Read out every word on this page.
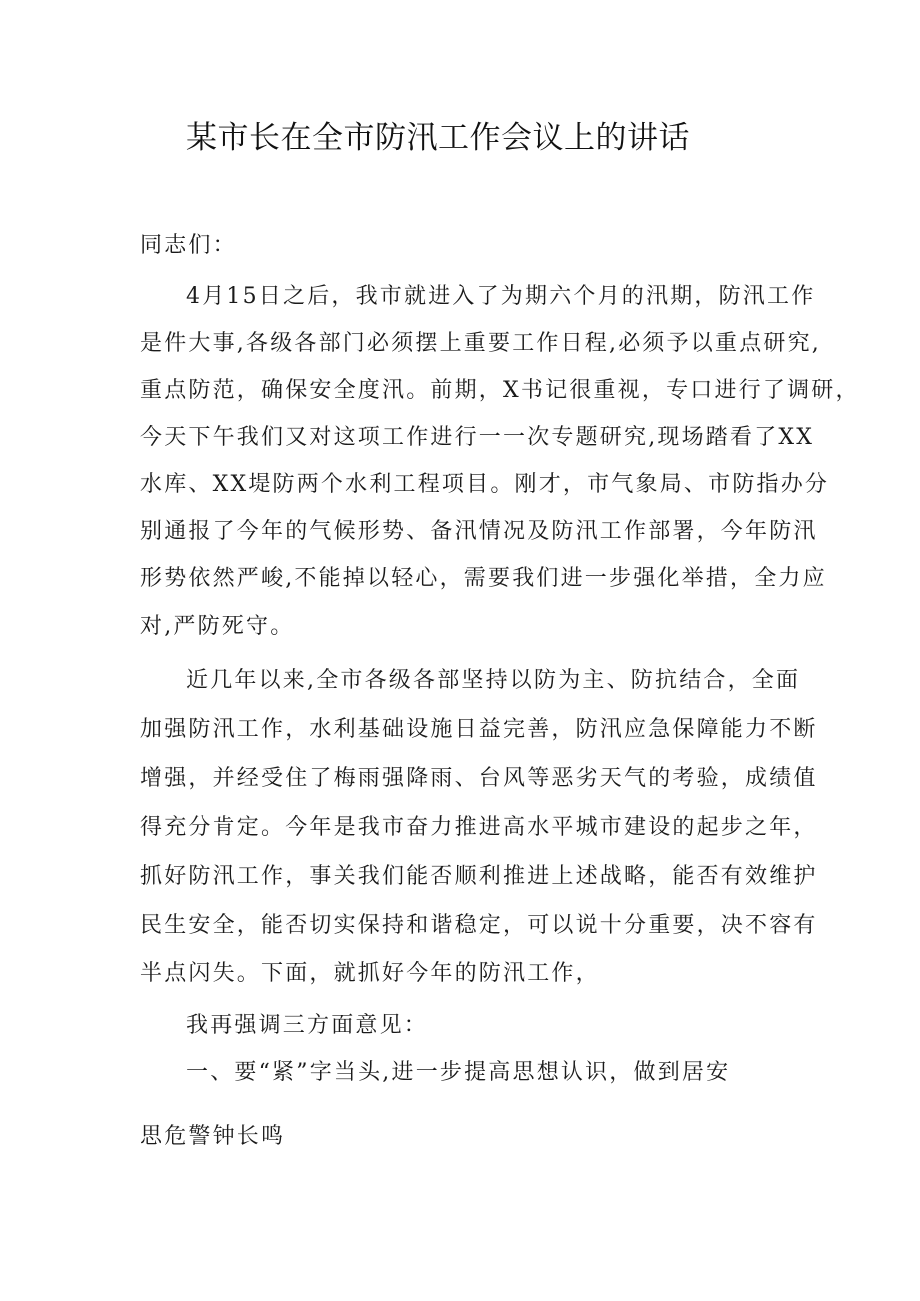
某市长在全市防汛工作会议上的讲话
同志们：
4月15日之后，我市就进入了为期六个月的汛期，防汛工作
是件大事,各级各部门必须摆上重要工作日程,必须予以重点研究,
重点防范，确保安全度汛。前期，X书记很重视，专口进行了调研，
今天下午我们又对这项工作进行一一次专题研究,现场踏看了XX
水库、XX堤防两个水利工程项目。刚才，市气象局、市防指办分
别通报了今年的气候形势、备汛情况及防汛工作部署，今年防汛
形势依然严峻,不能掉以轻心，需要我们进一步强化举措，全力应
对,严防死守。
近几年以来,全市各级各部坚持以防为主、防抗结合，全面
加强防汛工作，水利基础设施日益完善，防汛应急保障能力不断
增强，并经受住了梅雨强降雨、台风等恶劣天气的考验，成绩值
得充分肯定。今年是我市奋力推进高水平城市建设的起步之年，
抓好防汛工作，事关我们能否顺利推进上述战略，能否有效维护
民生安全，能否切实保持和谐稳定，可以说十分重要，决不容有
半点闪失。下面，就抓好今年的防汛工作，
我再强调三方面意见：
一、要“紧”字当头,进一步提高思想认识，做到居安
思危警钟长鸣
